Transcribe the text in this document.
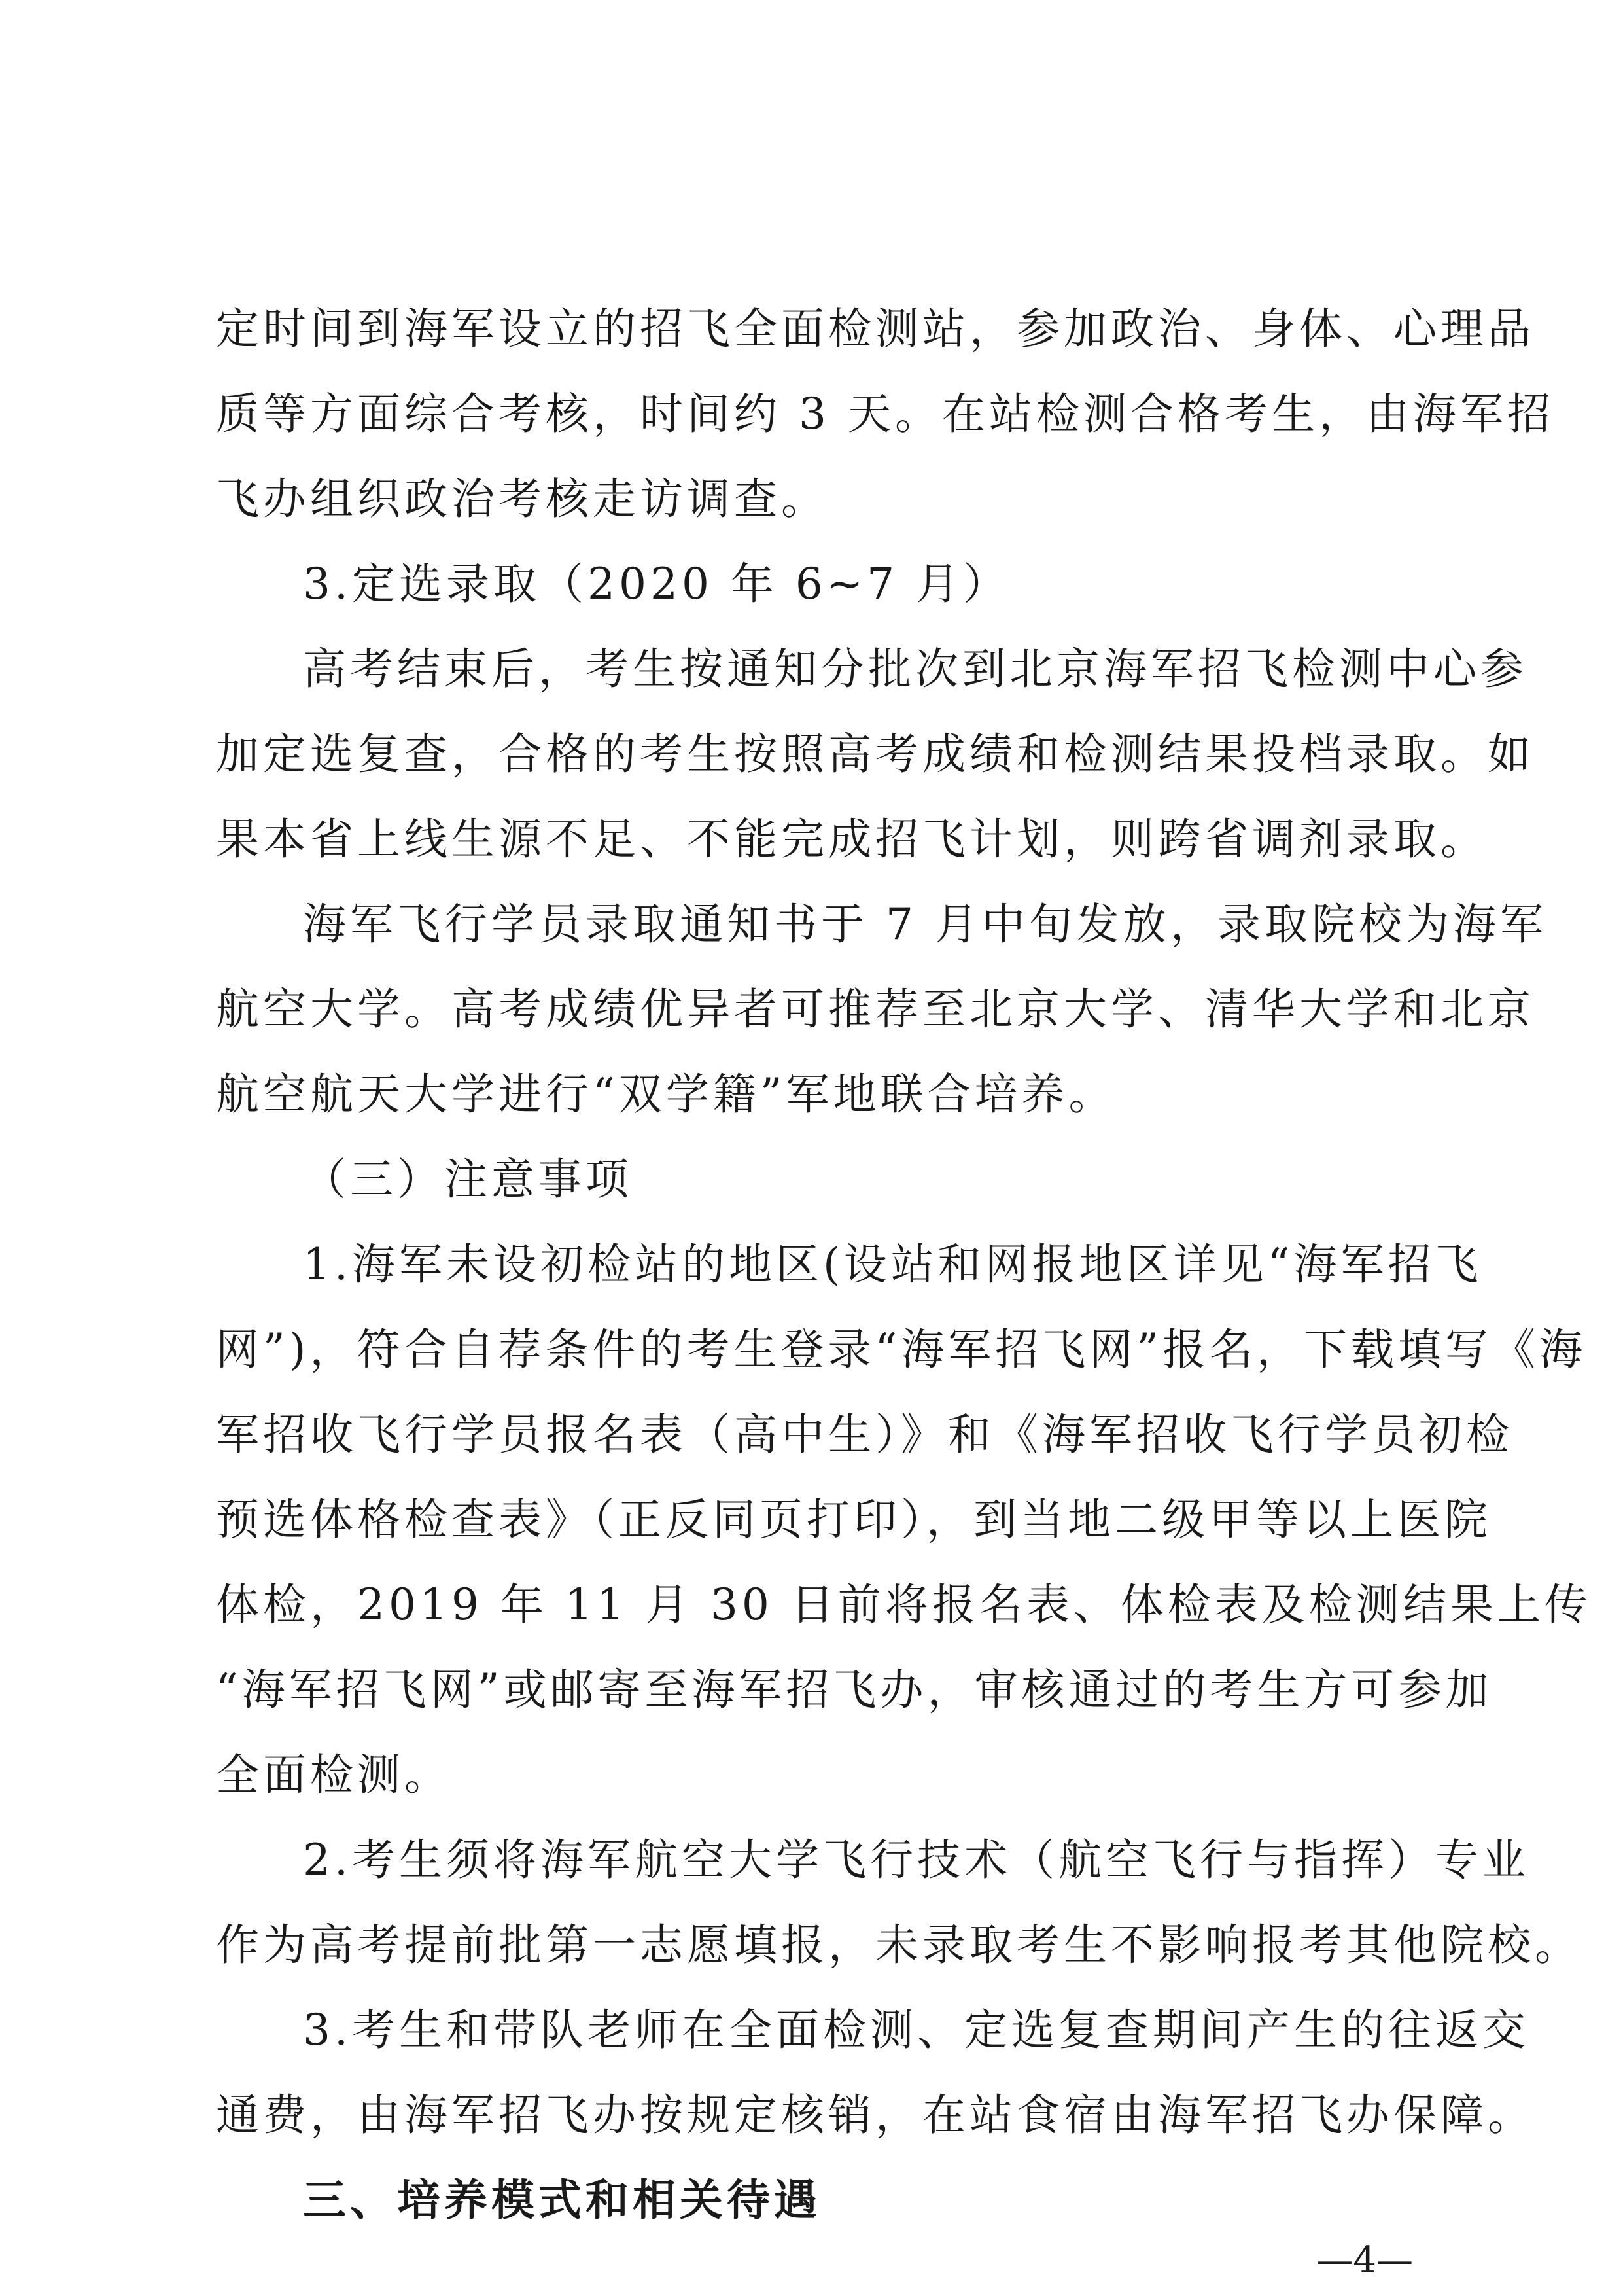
定时间到海军设立的招飞全面检测站，参加政治、身体、心理品
质等方面综合考核，时间约 3 天。在站检测合格考生，由海军招
飞办组织政治考核走访调查。
3.定选录取（2020 年 6~7 月）
高考结束后，考生按通知分批次到北京海军招飞检测中心参
加定选复查，合格的考生按照高考成绩和检测结果投档录取。如
果本省上线生源不足、不能完成招飞计划，则跨省调剂录取。
海军飞行学员录取通知书于 7 月中旬发放，录取院校为海军
航空大学。高考成绩优异者可推荐至北京大学、清华大学和北京
航空航天大学进行“双学籍”军地联合培养。
（三）注意事项
1.海军未设初检站的地区(设站和网报地区详见“海军招飞
网”)，符合自荐条件的考生登录“海军招飞网”报名，下载填写《海
军招收飞行学员报名表（高中生）》和《海军招收飞行学员初检
预选体格检查表》（正反同页打印），到当地二级甲等以上医院
体检，2019 年 11 月 30 日前将报名表、体检表及检测结果上传
“海军招飞网”或邮寄至海军招飞办，审核通过的考生方可参加
全面检测。
2.考生须将海军航空大学飞行技术（航空飞行与指挥）专业
作为高考提前批第一志愿填报，未录取考生不影响报考其他院校。
3.考生和带队老师在全面检测、定选复查期间产生的往返交
通费，由海军招飞办按规定核销，在站食宿由海军招飞办保障。
三、培养模式和相关待遇
—4—
